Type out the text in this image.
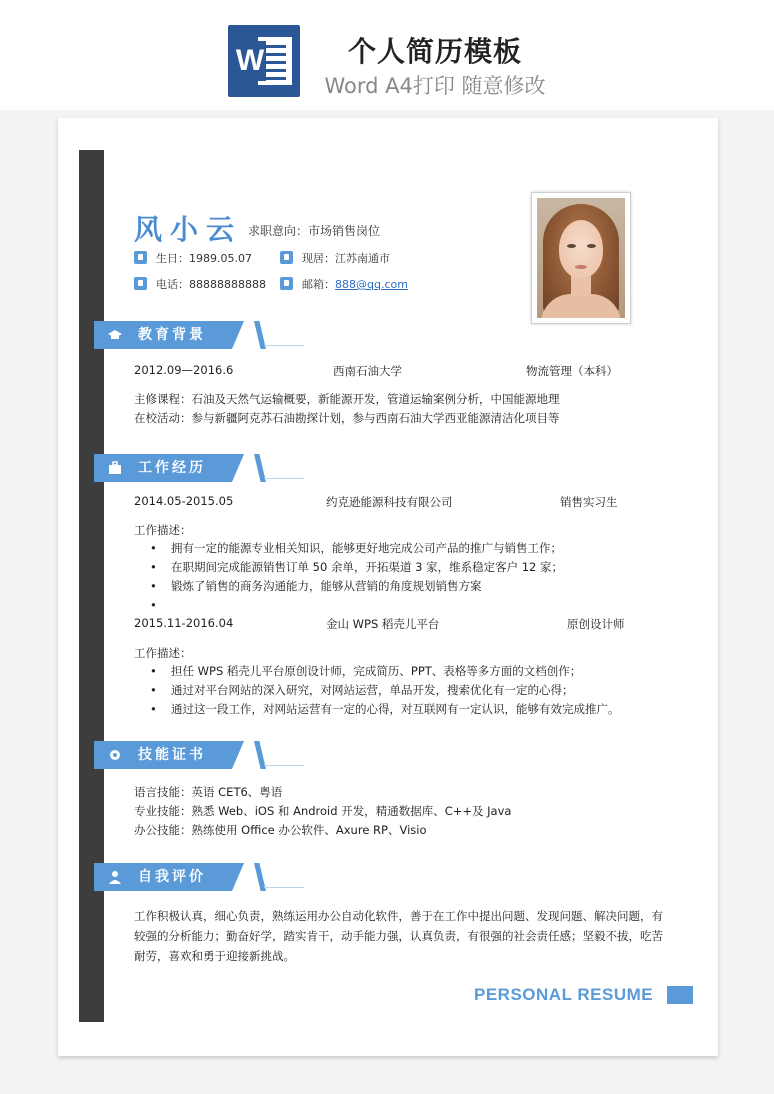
W	个人简历模板
Word A4打印 随意修改
风小云 求职意向：市场销售岗位
生日：1989.05.07	现居：江苏南通市
电话：88888888888	邮箱：888@qq.com
教育背景
2012.09—2016.6	西南石油大学	物流管理（本科）
主修课程：石油及天然气运输概要，新能源开发，管道运输案例分析，中国能源地理
在校活动：参与新疆阿克苏石油勘探计划，参与西南石油大学西亚能源清洁化项目等
工作经历
2014.05-2015.05	约克逊能源科技有限公司	销售实习生
工作描述：
• 拥有一定的能源专业相关知识，能够更好地完成公司产品的推广与销售工作；
• 在职期间完成能源销售订单 50 余单，开拓渠道 3 家，维系稳定客户 12 家；
• 锻炼了销售的商务沟通能力，能够从营销的角度规划销售方案
•
2015.11-2016.04	金山 WPS 稻壳儿平台	原创设计师
工作描述：
• 担任 WPS 稻壳儿平台原创设计师，完成简历、PPT、表格等多方面的文档创作；
• 通过对平台网站的深入研究，对网站运营，单品开发，搜索优化有一定的心得；
• 通过这一段工作，对网站运营有一定的心得，对互联网有一定认识，能够有效完成推广。
技能证书
语言技能：英语 CET6、粤语
专业技能：熟悉 Web、iOS 和 Android 开发，精通数据库、C++及 Java
办公技能：熟练使用 Office 办公软件、Axure RP、Visio
自我评价
工作积极认真，细心负责，熟练运用办公自动化软件，善于在工作中提出问题、发现问题、解决问题，有较强的分析能力；勤奋好学，踏实肯干，动手能力强，认真负责，有很强的社会责任感；坚毅不拔，吃苦耐劳，喜欢和勇于迎接新挑战。
PERSONAL RESUME
